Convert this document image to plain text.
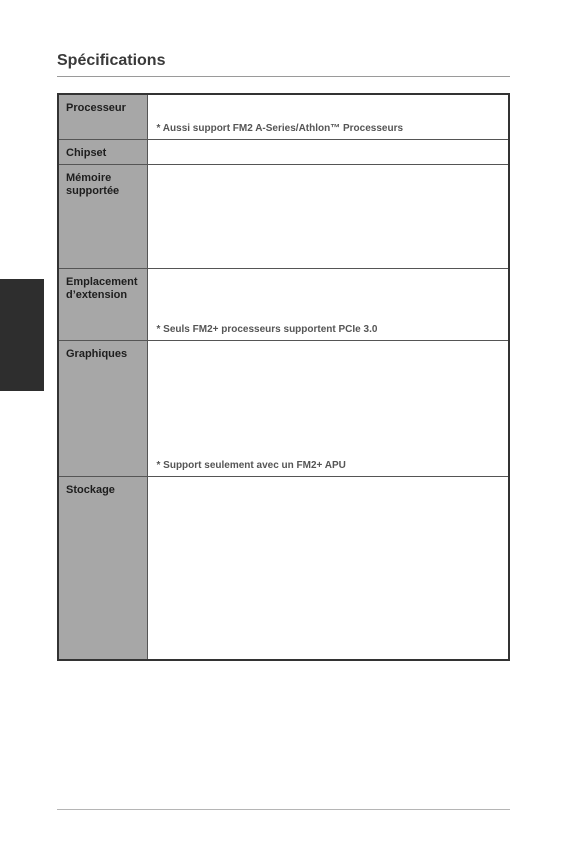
Spécifications
Processeur	* Aussi support FM2 A-Series/Athlon™ Processeurs

Chipset	
Mémoire supportée	
Emplacement d’extension	* Seuls FM2+ processeurs supportent PCIe 3.0

Graphiques	* Support seulement avec un FM2+ APU

Stockage	
